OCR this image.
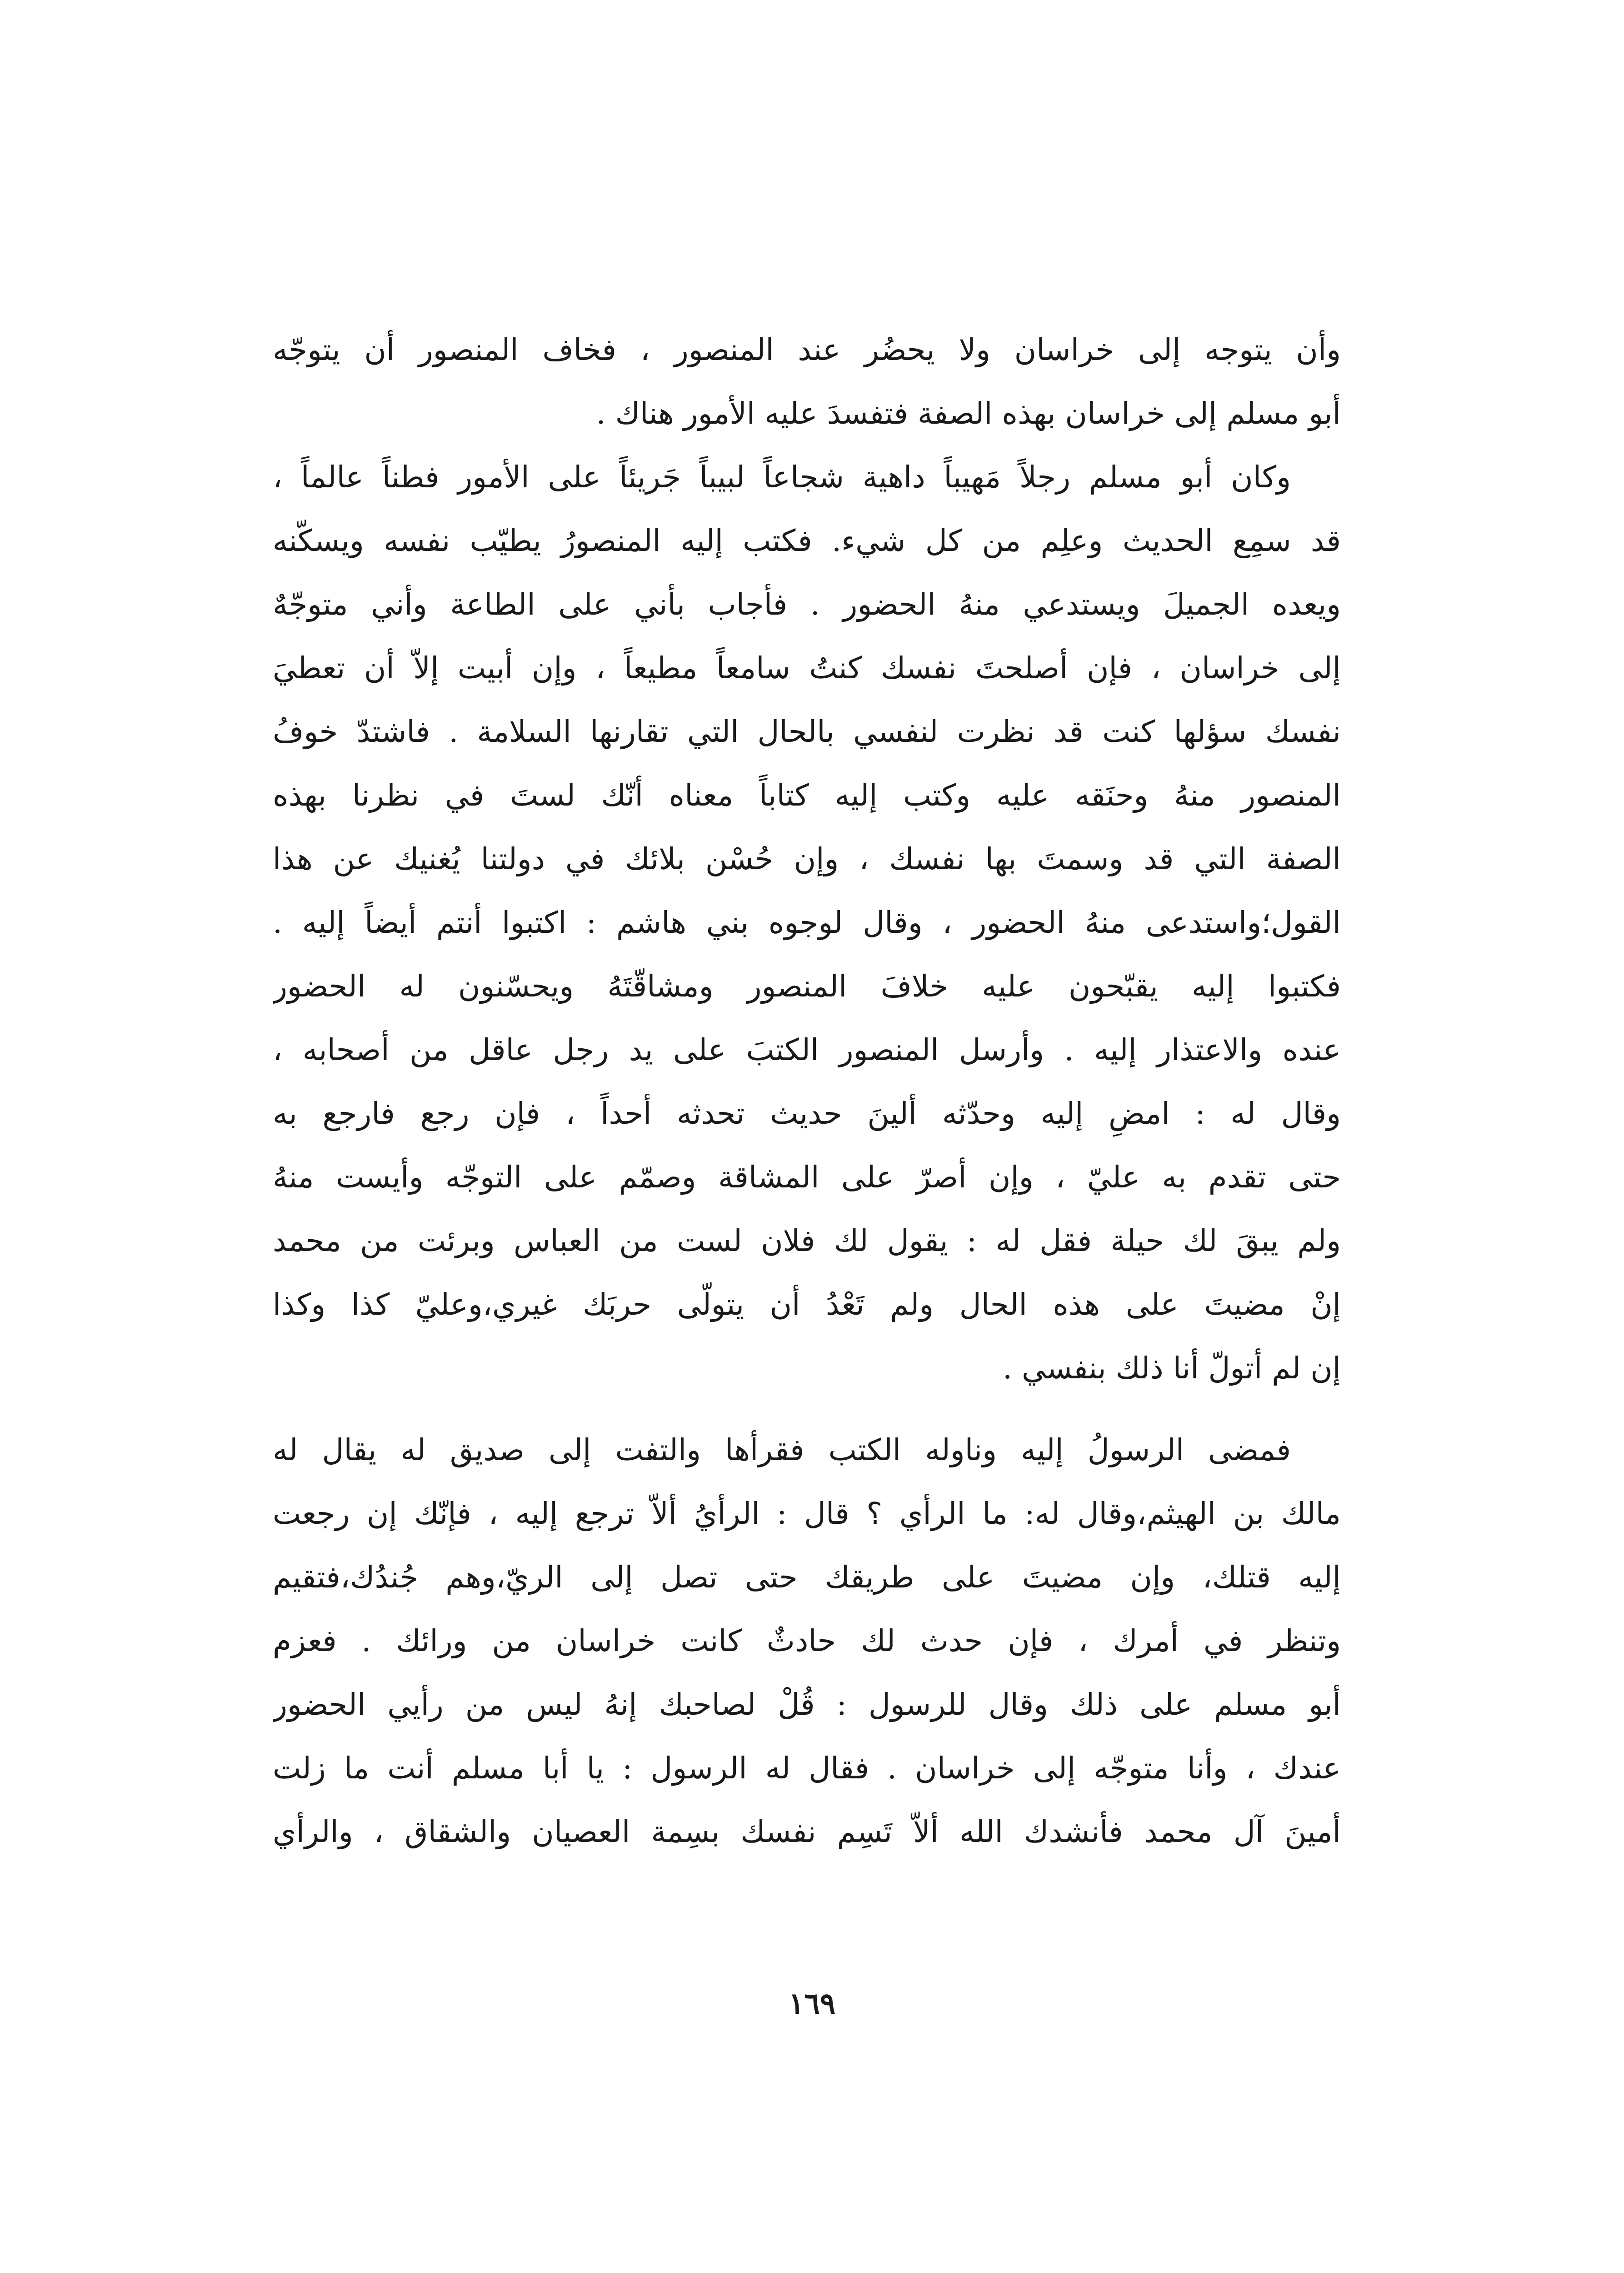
وأن يتوجه إلى خراسان ولا يحضُر عند المنصور ، فخاف المنصور أن يتوجّه
أبو مسلم إلى خراسان بهذه الصفة فتفسدَ عليه الأمور هناك .
وكان أبو مسلم رجلاً مَهيباً داهية شجاعاً لبيباً جَريئاً على الأمور فطناً عالماً ،
قد سمِع الحديث وعلِم من كل شيء. فكتب إليه المنصورُ يطيّب نفسه ويسكّنه
ويعده الجميلَ ويستدعي منهُ الحضور . فأجاب بأني على الطاعة وأني متوجّهٌ
إلى خراسان ، فإن أصلحتَ نفسك كنتُ سامعاً مطيعاً ، وإن أبيت إلاّ أن تعطيَ
نفسك سؤلها كنت قد نظرت لنفسي بالحال التي تقارنها السلامة . فاشتدّ خوفُ
المنصور منهُ وحنَقه عليه وكتب إليه كتاباً معناه أنّك لستَ في نظرنا بهذه
الصفة التي قد وسمتَ بها نفسك ، وإن حُسْن بلائك في دولتنا يُغنيك عن هذا
القول؛واستدعى منهُ الحضور ، وقال لوجوه بني هاشم : اكتبوا أنتم أيضاً إليه .
فكتبوا إليه يقبّحون عليه خلافَ المنصور ومشاقّتَهُ ويحسّنون له الحضور
عنده والاعتذار إليه . وأرسل المنصور الكتبَ على يد رجل عاقل من أصحابه ،
وقال له : امضِ إليه وحدّثه ألينَ حديث تحدثه أحداً ، فإن رجع فارجع به
حتى تقدم به عليّ ، وإن أصرّ على المشاقة وصمّم على التوجّه وأيست منهُ
ولم يبقَ لك حيلة فقل له : يقول لك فلان لست من العباس وبرئت من محمد
إنْ مضيتَ على هذه الحال ولم تَعْدُ أن يتولّى حربَك غيري،وعليّ كذا وكذا
إن لم أتولّ أنا ذلك بنفسي .
فمضى الرسولُ إليه وناوله الكتب فقرأها والتفت إلى صديق له يقال له
مالك بن الهيثم،وقال له: ما الرأي ؟ قال : الرأيُ ألاّ ترجع إليه ، فإنّك إن رجعت
إليه قتلك، وإن مضيتَ على طريقك حتى تصل إلى الريّ،وهم جُندُك،فتقيم
وتنظر في أمرك ، فإن حدث لك حادثٌ كانت خراسان من ورائك . فعزم
أبو مسلم على ذلك وقال للرسول : قُلْ لصاحبك إنهُ ليس من رأيي الحضور
عندك ، وأنا متوجّه إلى خراسان . فقال له الرسول : يا أبا مسلم أنت ما زلت
أمينَ آل محمد فأنشدك الله ألاّ تَسِم نفسك بسِمة العصيان والشقاق ، والرأي
١٦٩
